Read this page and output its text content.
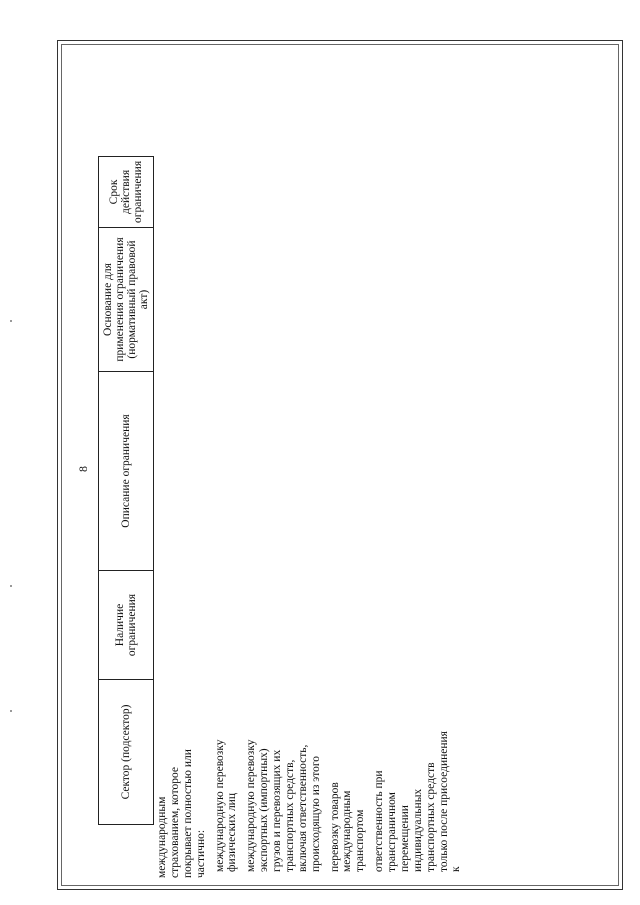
8
Сектор (подсектор)	Наличие ограничения	Описание ограничения	Основание для применения ограничения (нормативный правовой акт)	Срок действия ограничения

международным страхованием, которое покрывает полностью или частично: международную перевозку физических лиц международную перевозку экспортных (импортных) грузов и перевозящих их транспортных средств, включая ответственность, происходящую из этого перевозку товаров международным транспортом ответственность при трансграничном перемещении индивидуальных транспортных средств только после присоединения к
